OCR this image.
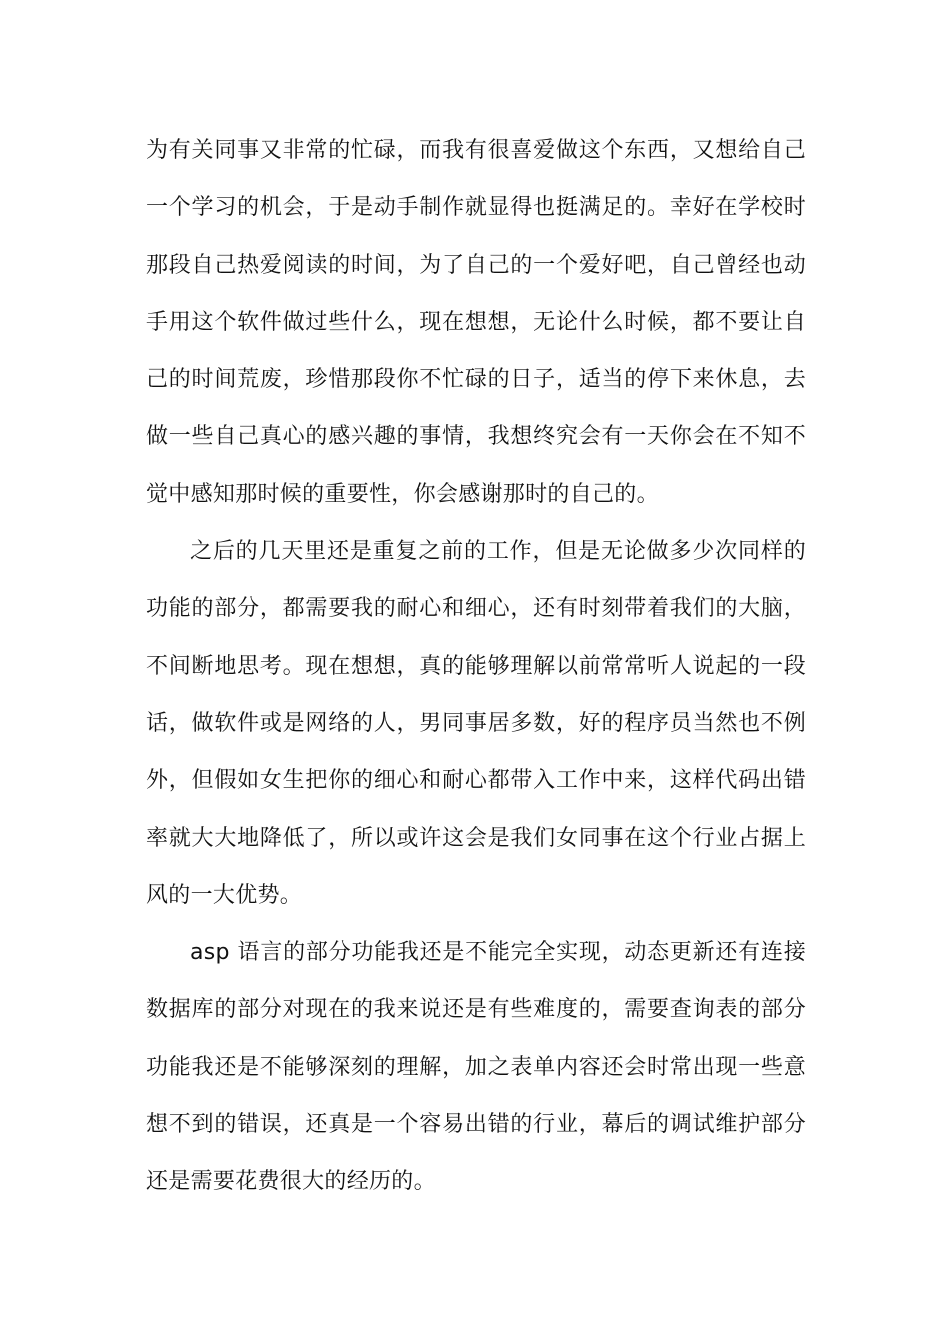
为有关同事又非常的忙碌，而我有很喜爱做这个东西，又想给自己
一个学习的机会，于是动手制作就显得也挺满足的。幸好在学校时
那段自己热爱阅读的时间，为了自己的一个爱好吧，自己曾经也动
手用这个软件做过些什么，现在想想，无论什么时候，都不要让自
己的时间荒废，珍惜那段你不忙碌的日子，适当的停下来休息，去
做一些自己真心的感兴趣的事情，我想终究会有一天你会在不知不
觉中感知那时候的重要性，你会感谢那时的自己的。
之后的几天里还是重复之前的工作，但是无论做多少次同样的
功能的部分，都需要我的耐心和细心，还有时刻带着我们的大脑，
不间断地思考。现在想想，真的能够理解以前常常听人说起的一段
话，做软件或是网络的人，男同事居多数，好的程序员当然也不例
外，但假如女生把你的细心和耐心都带入工作中来，这样代码出错
率就大大地降低了，所以或许这会是我们女同事在这个行业占据上
风的一大优势。
asp 语言的部分功能我还是不能完全实现，动态更新还有连接
数据库的部分对现在的我来说还是有些难度的，需要查询表的部分
功能我还是不能够深刻的理解，加之表单内容还会时常出现一些意
想不到的错误，还真是一个容易出错的行业，幕后的调试维护部分
还是需要花费很大的经历的。
